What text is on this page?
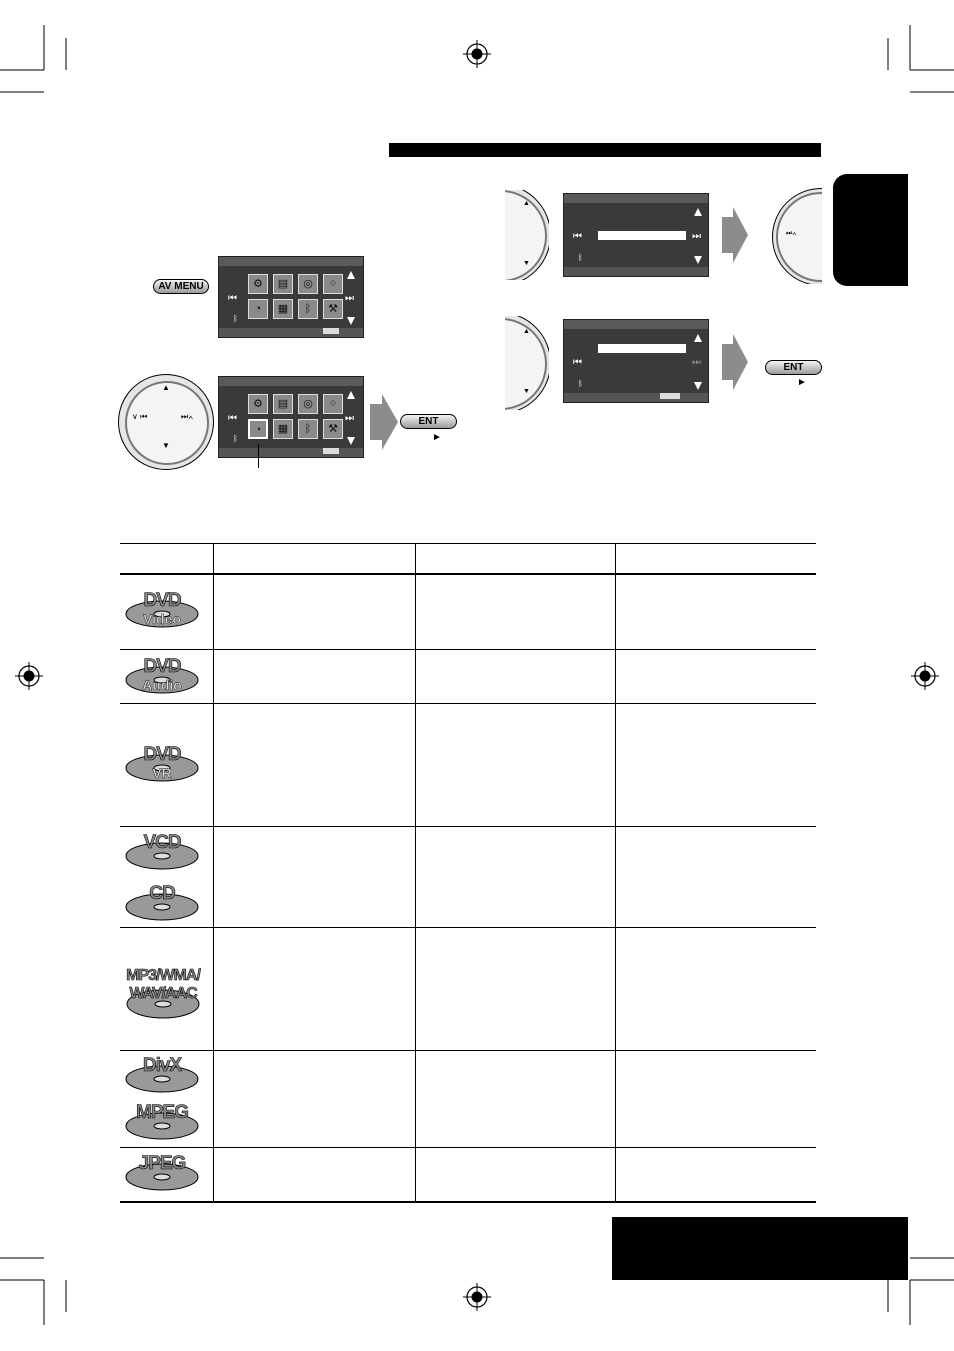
AV MENU	⚙	▤	◎	⁘
◔	▦	ᛒ	⚒
⏮	⏭
ᛒ
▲
▼
∨ ⏮	⏭∧
⚙	▤	◎	⁘
◔	▦	ᛒ	⚒
⏮	⏭
ᛒ
ENT
►
▲
▼
⏮	⏭
ᛒ
⏭∧
▲
▼
⏮	⏭
ᛒ
ENT
►
DVD
Video
DVD
Audio
DVD
VR
VCD
CD
MP3/WMA/
WAV/AAC
DivX
MPEG
JPEG
